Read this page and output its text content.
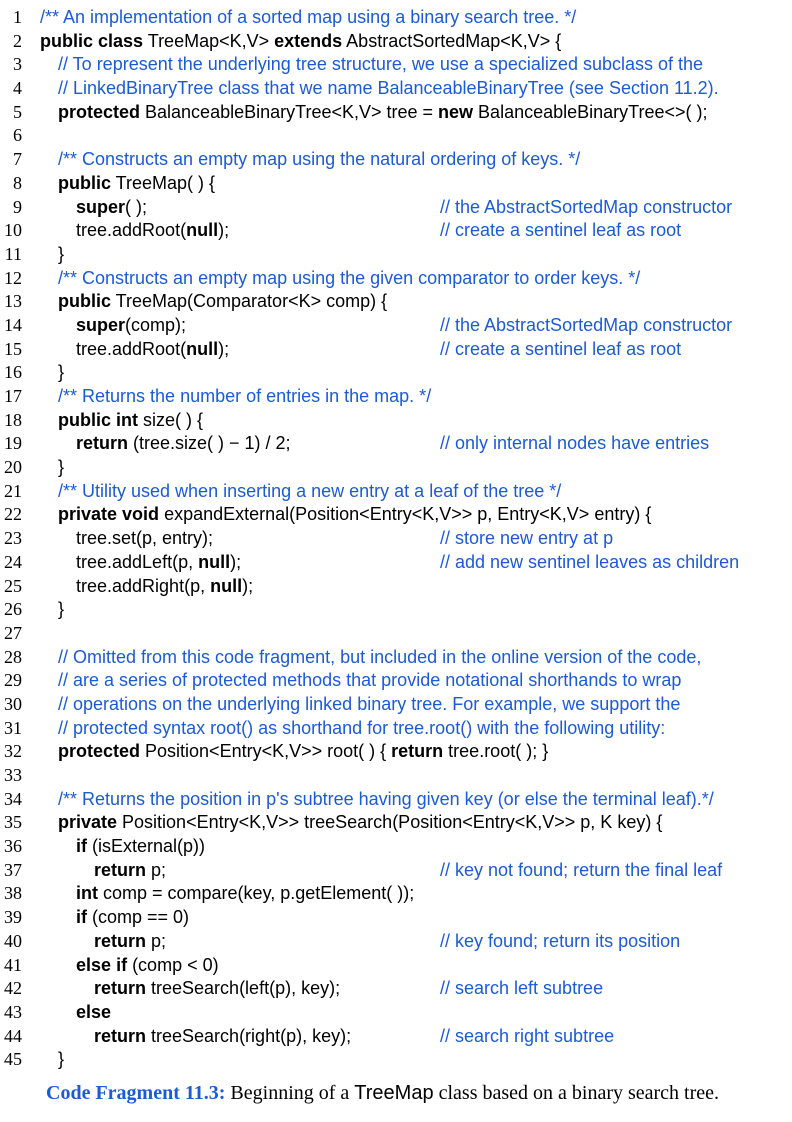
1 /** An implementation of a sorted map using a binary search tree. */
2 public class TreeMap<K,V> extends AbstractSortedMap<K,V> {
3 // To represent the underlying tree structure, we use a specialized subclass of the
4 // LinkedBinaryTree class that we name BalanceableBinaryTree (see Section 11.2).
5 protected BalanceableBinaryTree<K,V> tree = new BalanceableBinaryTree<>( );
6
7 /** Constructs an empty map using the natural ordering of keys. */
8 public TreeMap( ) {
9	super( );	// the AbstractSortedMap constructor
10	tree.addRoot(null);	// create a sentinel leaf as root
11 }
12 /** Constructs an empty map using the given comparator to order keys. */
13 public TreeMap(Comparator<K> comp) {
14	super(comp);	// the AbstractSortedMap constructor
15	tree.addRoot(null);	// create a sentinel leaf as root
16 }
17 /** Returns the number of entries in the map. */
18 public int size( ) {
19	return (tree.size( ) − 1) / 2;	// only internal nodes have entries
20 }
21 /** Utility used when inserting a new entry at a leaf of the tree */
22 private void expandExternal(Position<Entry<K,V>> p, Entry<K,V> entry) {
23	tree.set(p, entry);	// store new entry at p
24	tree.addLeft(p, null);	// add new sentinel leaves as children
25	tree.addRight(p, null);
26 }
27
28 // Omitted from this code fragment, but included in the online version of the code,
29 // are a series of protected methods that provide notational shorthands to wrap
30 // operations on the underlying linked binary tree. For example, we support the
31 // protected syntax root() as shorthand for tree.root() with the following utility:
32 protected Position<Entry<K,V>> root( ) { return tree.root( ); }
33
34 /** Returns the position in p's subtree having given key (or else the terminal leaf).*/
35 private Position<Entry<K,V>> treeSearch(Position<Entry<K,V>> p, K key) {
36	if (isExternal(p))
37	return p;	// key not found; return the final leaf
38	int comp = compare(key, p.getElement( ));
39	if (comp == 0)
40	return p;	// key found; return its position
41	else if (comp < 0)
42	return treeSearch(left(p), key);	// search left subtree
43	else
44	return treeSearch(right(p), key);	// search right subtree
45 }
Code Fragment 11.3: Beginning of a TreeMap class based on a binary search tree.
